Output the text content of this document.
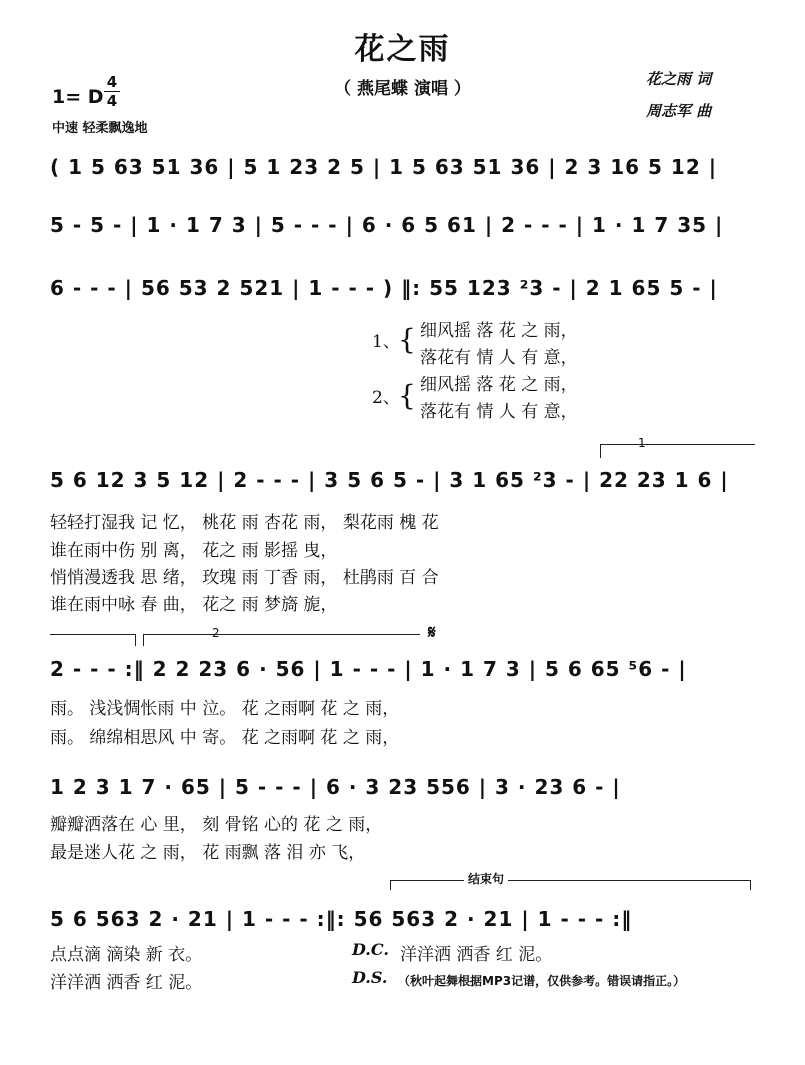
花之雨
（ 燕尾蝶 演唱 ）
1= D
4
4
中速 轻柔飘逸地
花之雨 词
周志军 曲
( 1 5 63 51 36 | 5 1 23 2 5 | 1 5 63 51 36 | 2 3 16 5 12 |
5 - 5 - | 1 · 1 7 3 | 5 - - - | 6 · 6 5 61 | 2 - - - | 1 · 1 7 35 |
6 - - - | 56 53 2 521 | 1 - - - ) ‖: 55 123 ²3 - | 2 1 65 5 - |
1、
{ 细风摇 落 花 之 雨，
落花有 情 人 有 意，
2、
{ 细风摇 落 花 之 雨，
落花有 情 人 有 意，
1
5 6 12 3 5 12 | 2 - - - | 3 5 6 5 - | 3 1 65 ²3 - | 22 23 1 6 |
轻轻打湿我 记 忆， 桃花 雨 杏花 雨， 梨花雨 槐 花
谁在雨中伤 别 离， 花之 雨 影摇 曳，
悄悄漫透我 思 绪， 玫瑰 雨 丁香 雨， 杜鹃雨 百 合
谁在雨中咏 春 曲， 花之 雨 梦旖 旎，
2	𝄋
2 - - - :‖ 2 2 23 6 · 56 | 1 - - - | 1 · 1 7 3 | 5 6 65 ⁵6 - |
雨。 浅浅惆怅雨 中 泣。 花 之雨啊 花 之 雨，
雨。 绵绵相思风 中 寄。 花 之雨啊 花 之 雨，
1 2 3 1 7 · 65 | 5 - - - | 6 · 3 23 556 | 3 · 23 6 - |
瓣瓣洒落在 心 里， 刻 骨铭 心的 花 之 雨，
最是迷人花 之 雨， 花 雨飘 落 泪 亦 飞，
结束句
5 6 563 2 · 21 | 1 - - - :‖: 56 563 2 · 21 | 1 - - - :‖
点点滴 滴染 新 衣。	D.C. 洋洋洒 洒香 红 泥。
洋洋洒 洒香 红 泥。	D.S. （秋叶起舞根据MP3记谱，仅供参考。错误请指正。）
